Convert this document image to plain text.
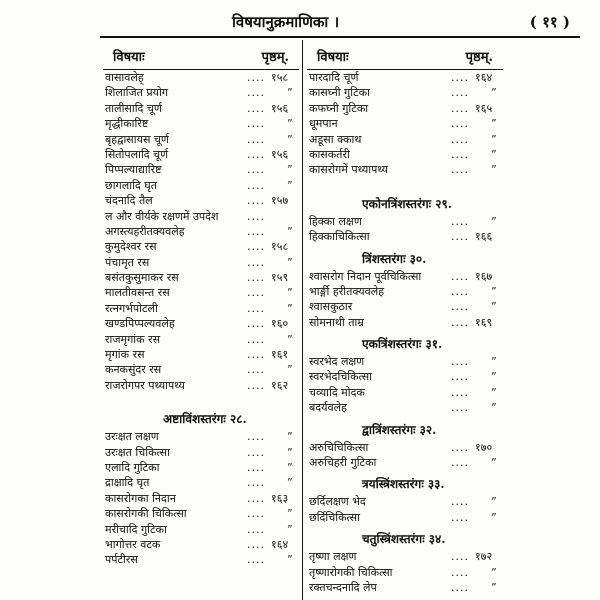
विषयानुक्रमाणिका ।	( ११ )
विषयाः	पृष्ठम्.
वासावलेह्	.... १५८
शिलाजित प्रयोग	.... ”
तालीसादि चूर्ण	.... १५६
मृद्धीकारिष्ट	.... ”
बृहद्वासायस चूर्ण	.... ”
सितोपलादि चूर्ण	.... १५६
पिप्पल्याद्यारिष्ट	.... ”
छागलादि घृत	.... ”
चंदनादि तैल	.... १५७
ल और वीर्यके रक्षणमें उपदेश	....
अगस्त्यहरीतक्यवलेह	.... ”
कुमुदेश्वर रस	.... १५८
पंचामृत रस	.... ”
बसंतकुसुमाकर रस	.... १५९
मालतीवसन्त रस	.... ”
रत्नगर्भपोटली	.... ”
खण्डपिप्पल्यवलेह	.... १६०
राजमृगांक रस	.... ”
मृगांक रस	.... १६१
कनकसुंदर रस	.... ”
राजरोगपर पथ्यापथ्य	.... १६२
अष्टाविंशस्तरंगः २८.
उरःक्षत लक्षण	.... ”
उरःक्षत चिकित्सा	.... ”
एलादि गुटिका	.... ”
द्राक्षादि घृत	.... ”
कासरोगका निदान	.... १६३
कासरोगकी चिकित्सा	.... ”
मरीचादि गुटिका	.... ”
भागोत्तर वटक	.... १६४
पर्पटीरस	.... ”
विषयाः	पृष्ठम्.
पारदादि चूर्ण	.... १६४
कासघ्नी गुटिका	.... ”
कफघ्नी गुटिका	.... १६५
धूमपान	.... ”
अडूसा क्काथ	.... ”
कासकर्तरी	.... ”
कासरोगमें पथ्यापथ्य	.... ”
एकोनत्रिंशस्तरंगः २९.
हिक्का लक्षण	.... ”
हिक्काचिकित्सा	.... १६६
त्रिंशस्तरंगः ३०.
श्वासरोग निदान पूर्वचिकित्सा	.... १६७
भार्ङ्गी हरीतक्यवलेह	.... ”
श्वासकुठार	.... ”
सोमनाथी ताम्र	.... १६९
एकत्रिंशस्तरंगः ३१.
स्वरभेद लक्षण	.... ”
स्वरभेदचिकित्सा	.... ”
चव्यादि मोदक	.... ”
बदर्यवलेह	.... ”
द्वात्रिंशस्तरंगः ३२.
अरुचिचिकित्सा	.... १७०
अरुचिहरी गुटिका	.... ”
त्रयस्त्रिंशस्तरंगः ३३.
छर्दिलक्षण भेद	.... ”
छर्दिचिकित्सा	.... ”
चतुस्त्रिंशस्तरंगः ३४.
तृष्णा लक्षण	.... १७२
तृष्णारोगकी चिकित्सा	.... ”
रक्तचन्दनादि लेप	.... ”
